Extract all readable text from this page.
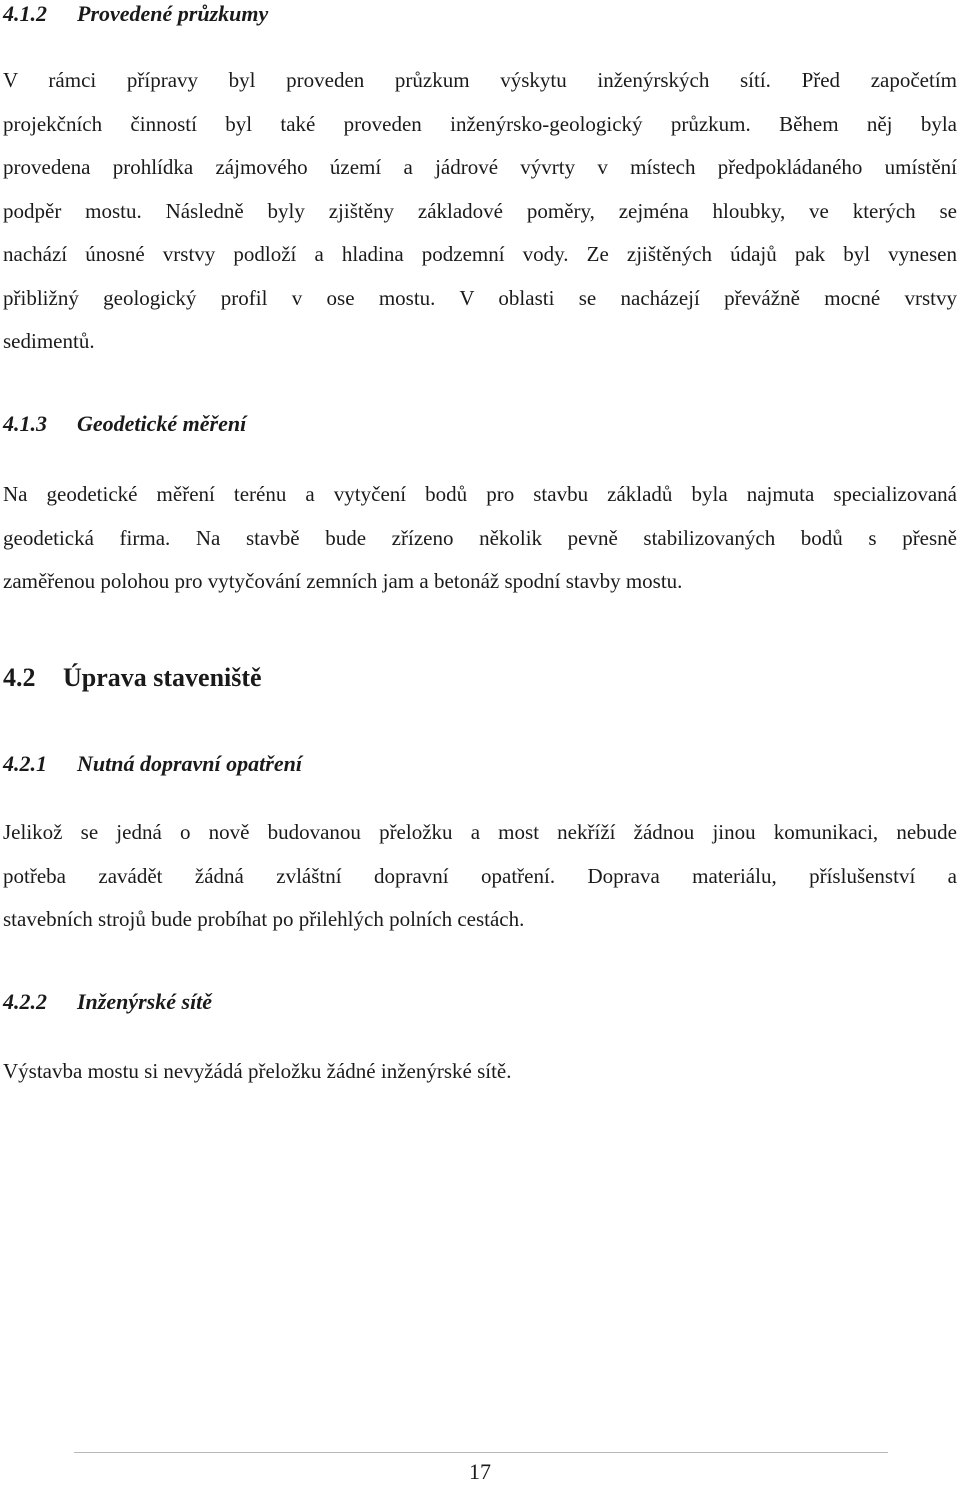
4.1.2 Provedené průzkumy
V rámci přípravy byl proveden průzkum výskytu inženýrských sítí. Před započetím
projekčních činností byl také proveden inženýrsko-geologický průzkum. Během něj byla
provedena prohlídka zájmového území a jádrové vývrty v místech předpokládaného umístění
podpěr mostu. Následně byly zjištěny základové poměry, zejména hloubky, ve kterých se
nachází únosné vrstvy podloží a hladina podzemní vody. Ze zjištěných údajů pak byl vynesen
přibližný geologický profil v ose mostu. V oblasti se nacházejí převážně mocné vrstvy
sedimentů.
4.1.3 Geodetické měření
Na geodetické měření terénu a vytyčení bodů pro stavbu základů byla najmuta specializovaná
geodetická firma. Na stavbě bude zřízeno několik pevně stabilizovaných bodů s přesně
zaměřenou polohou pro vytyčování zemních jam a betonáž spodní stavby mostu.
4.2 Úprava staveniště
4.2.1 Nutná dopravní opatření
Jelikož se jedná o nově budovanou přeložku a most nekříží žádnou jinou komunikaci, nebude
potřeba zavádět žádná zvláštní dopravní opatření. Doprava materiálu, příslušenství a
stavebních strojů bude probíhat po přilehlých polních cestách.
4.2.2 Inženýrské sítě
Výstavba mostu si nevyžádá přeložku žádné inženýrské sítě.
17
